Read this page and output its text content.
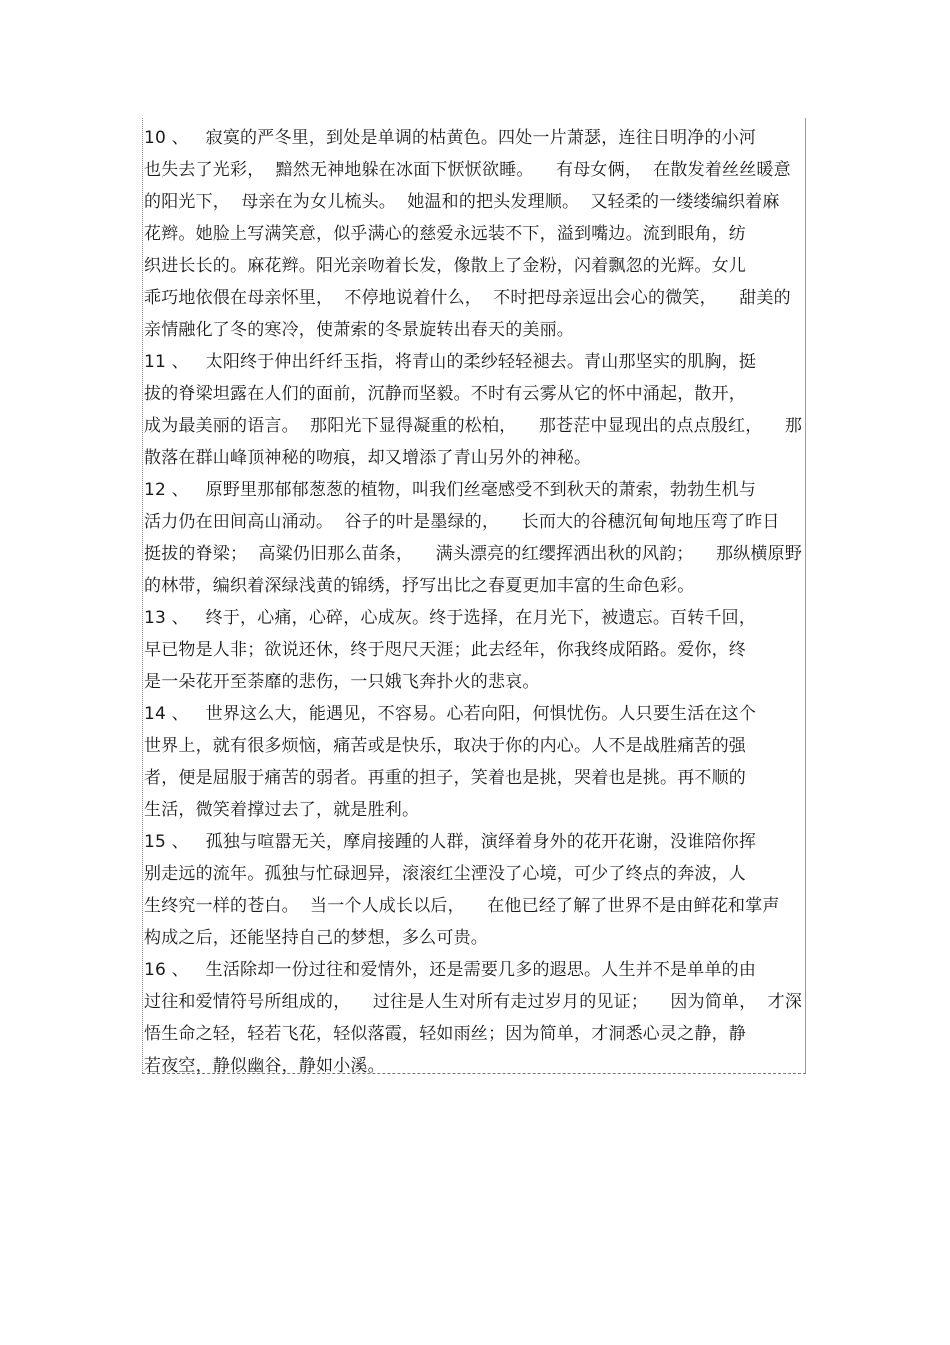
10 、   寂寞的严冬里，到处是单调的枯黄色。四处一片萧瑟，连往日明净的小河
也失去了光彩，  黯然无神地躲在冰面下恹恹欲睡。    有母女俩，  在散发着丝丝暖意
的阳光下，  母亲在为女儿梳头。  她温和的把头发理顺。  又轻柔的一缕缕编织着麻
花辫。她脸上写满笑意，似乎满心的慈爱永远装不下，溢到嘴边。流到眼角，纺
织进长长的。麻花辫。阳光亲吻着长发，像散上了金粉，闪着飘忽的光辉。女儿
乖巧地依偎在母亲怀里，  不停地说着什么，  不时把母亲逗出会心的微笑，    甜美的
亲情融化了冬的寒冷，使萧索的冬景旋转出春天的美丽。
11 、   太阳终于伸出纤纤玉指，将青山的柔纱轻轻褪去。青山那坚实的肌胸，挺
拔的脊梁坦露在人们的面前，沉静而坚毅。不时有云雾从它的怀中涌起，散开，
成为最美丽的语言。  那阳光下显得凝重的松柏，    那苍茫中显现出的点点殷红，    那
散落在群山峰顶神秘的吻痕，却又增添了青山另外的神秘。
12 、   原野里那郁郁葱葱的植物，叫我们丝毫感受不到秋天的萧索，勃勃生机与
活力仍在田间高山涌动。  谷子的叶是墨绿的，    长而大的谷穗沉甸甸地压弯了昨日
挺拔的脊梁；  高粱仍旧那么苗条，    满头漂亮的红缨挥洒出秋的风韵；    那纵横原野
的林带，编织着深绿浅黄的锦绣，抒写出比之春夏更加丰富的生命色彩。
13 、   终于，心痛，心碎，心成灰。终于选择，在月光下，被遗忘。百转千回，
早已物是人非；欲说还休，终于咫尺天涯；此去经年，你我终成陌路。爱你，终
是一朵花开至荼靡的悲伤，一只娥飞奔扑火的悲哀。
14 、   世界这么大，能遇见，不容易。心若向阳，何惧忧伤。人只要生活在这个
世界上，就有很多烦恼，痛苦或是快乐，取决于你的内心。人不是战胜痛苦的强
者，便是屈服于痛苦的弱者。再重的担子，笑着也是挑，哭着也是挑。再不顺的
生活，微笑着撑过去了，就是胜利。
15 、   孤独与喧嚣无关，摩肩接踵的人群，演绎着身外的花开花谢，没谁陪你挥
别走远的流年。孤独与忙碌迥异，滚滚红尘湮没了心境，可少了终点的奔波，人
生终究一样的苍白。  当一个人成长以后，    在他已经了解了世界不是由鲜花和掌声
构成之后，还能坚持自己的梦想，多么可贵。
16 、   生活除却一份过往和爱情外，还是需要几多的遐思。人生并不是单单的由
过往和爱情符号所组成的，    过往是人生对所有走过岁月的见证；    因为简单，  才深
悟生命之轻，轻若飞花，轻似落霞，轻如雨丝；因为简单，才洞悉心灵之静，静
若夜空，静似幽谷，静如小溪。
